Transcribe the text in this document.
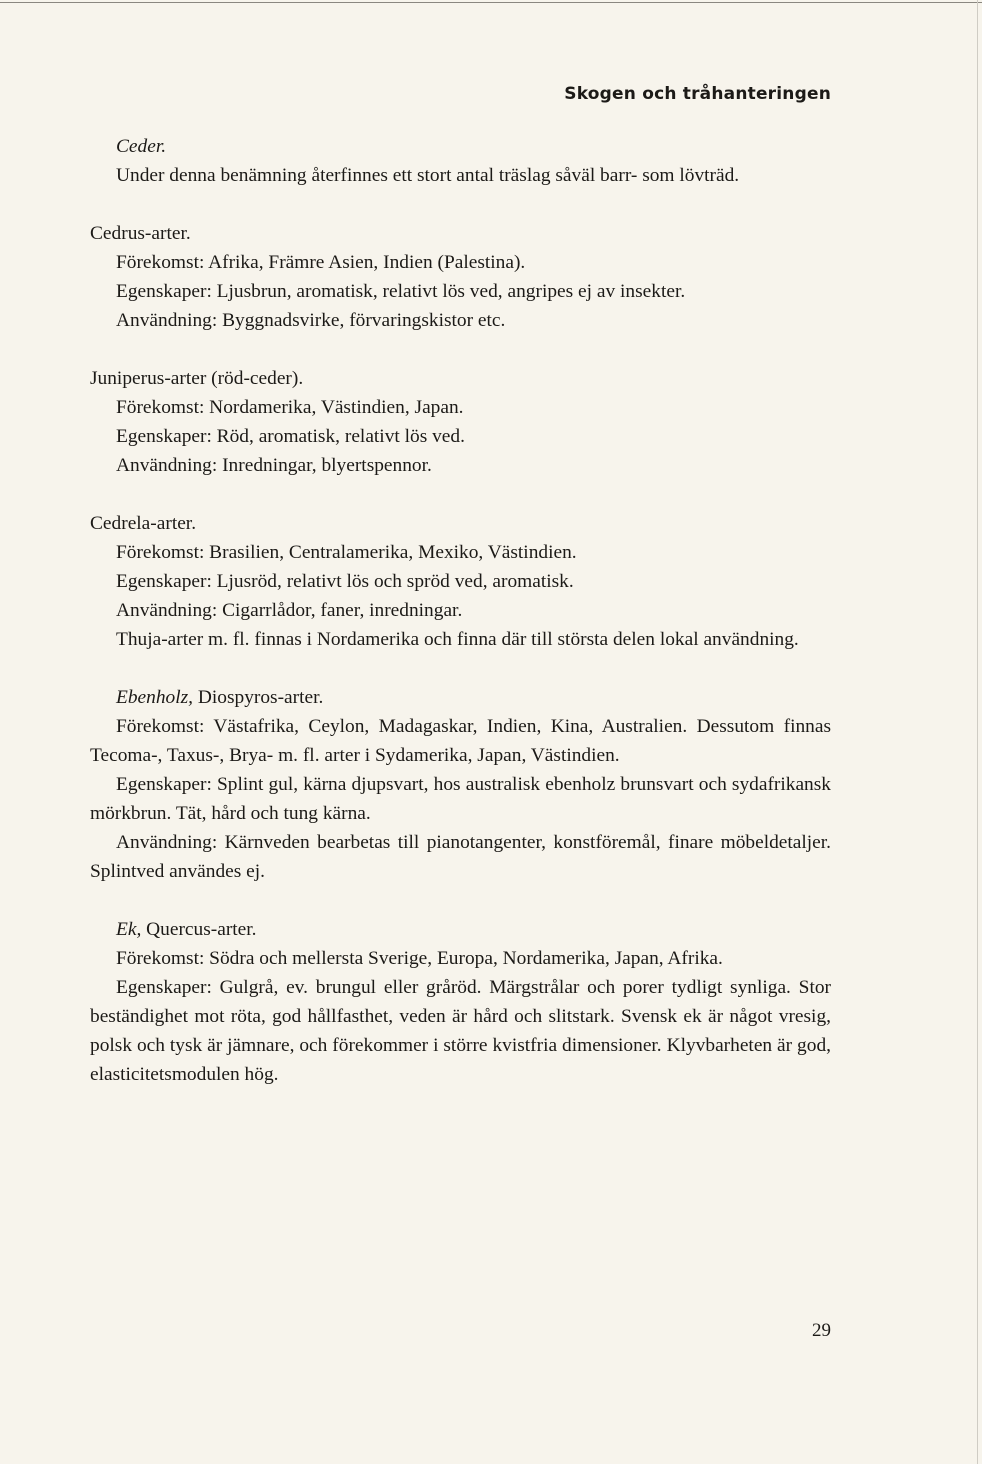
Skogen och tråhanteringen

Ceder.

Under denna benämning återfinnes ett stort antal träslag såväl barr- som lövträd.

Cedrus-arter.

Förekomst: Afrika, Främre Asien, Indien (Palestina).

Egenskaper: Ljusbrun, aromatisk, relativt lös ved, angripes ej av insekter.

Användning: Byggnadsvirke, förvaringskistor etc.

Juniperus-arter (röd-ceder).

Förekomst: Nordamerika, Västindien, Japan.

Egenskaper: Röd, aromatisk, relativt lös ved.

Användning: Inredningar, blyertspennor.

Cedrela-arter.

Förekomst: Brasilien, Centralamerika, Mexiko, Västindien.

Egenskaper: Ljusröd, relativt lös och spröd ved, aromatisk.

Användning: Cigarrlådor, faner, inredningar.

Thuja-arter m. fl. finnas i Nordamerika och finna där till största delen lokal användning.

Ebenholz, Diospyros-arter.

Förekomst: Västafrika, Ceylon, Madagaskar, Indien, Kina, Australien. Dessutom finnas Tecoma-, Taxus-, Brya- m. fl. arter i Sydamerika, Japan, Västindien.

Egenskaper: Splint gul, kärna djupsvart, hos australisk ebenholz brunsvart och sydafrikansk mörkbrun. Tät, hård och tung kärna.

Användning: Kärnveden bearbetas till pianotangenter, konstföremål, finare möbeldetaljer. Splintved användes ej.

Ek, Quercus-arter.

Förekomst: Södra och mellersta Sverige, Europa, Nordamerika, Japan, Afrika.

Egenskaper: Gulgrå, ev. brungul eller gråröd. Märgstrålar och porer tydligt synliga. Stor beständighet mot röta, god hållfasthet, veden är hård och slitstark. Svensk ek är något vresig, polsk och tysk är jämnare, och förekommer i större kvistfria dimensioner. Klyvbarheten är god, elasticitetsmodulen hög.

29
